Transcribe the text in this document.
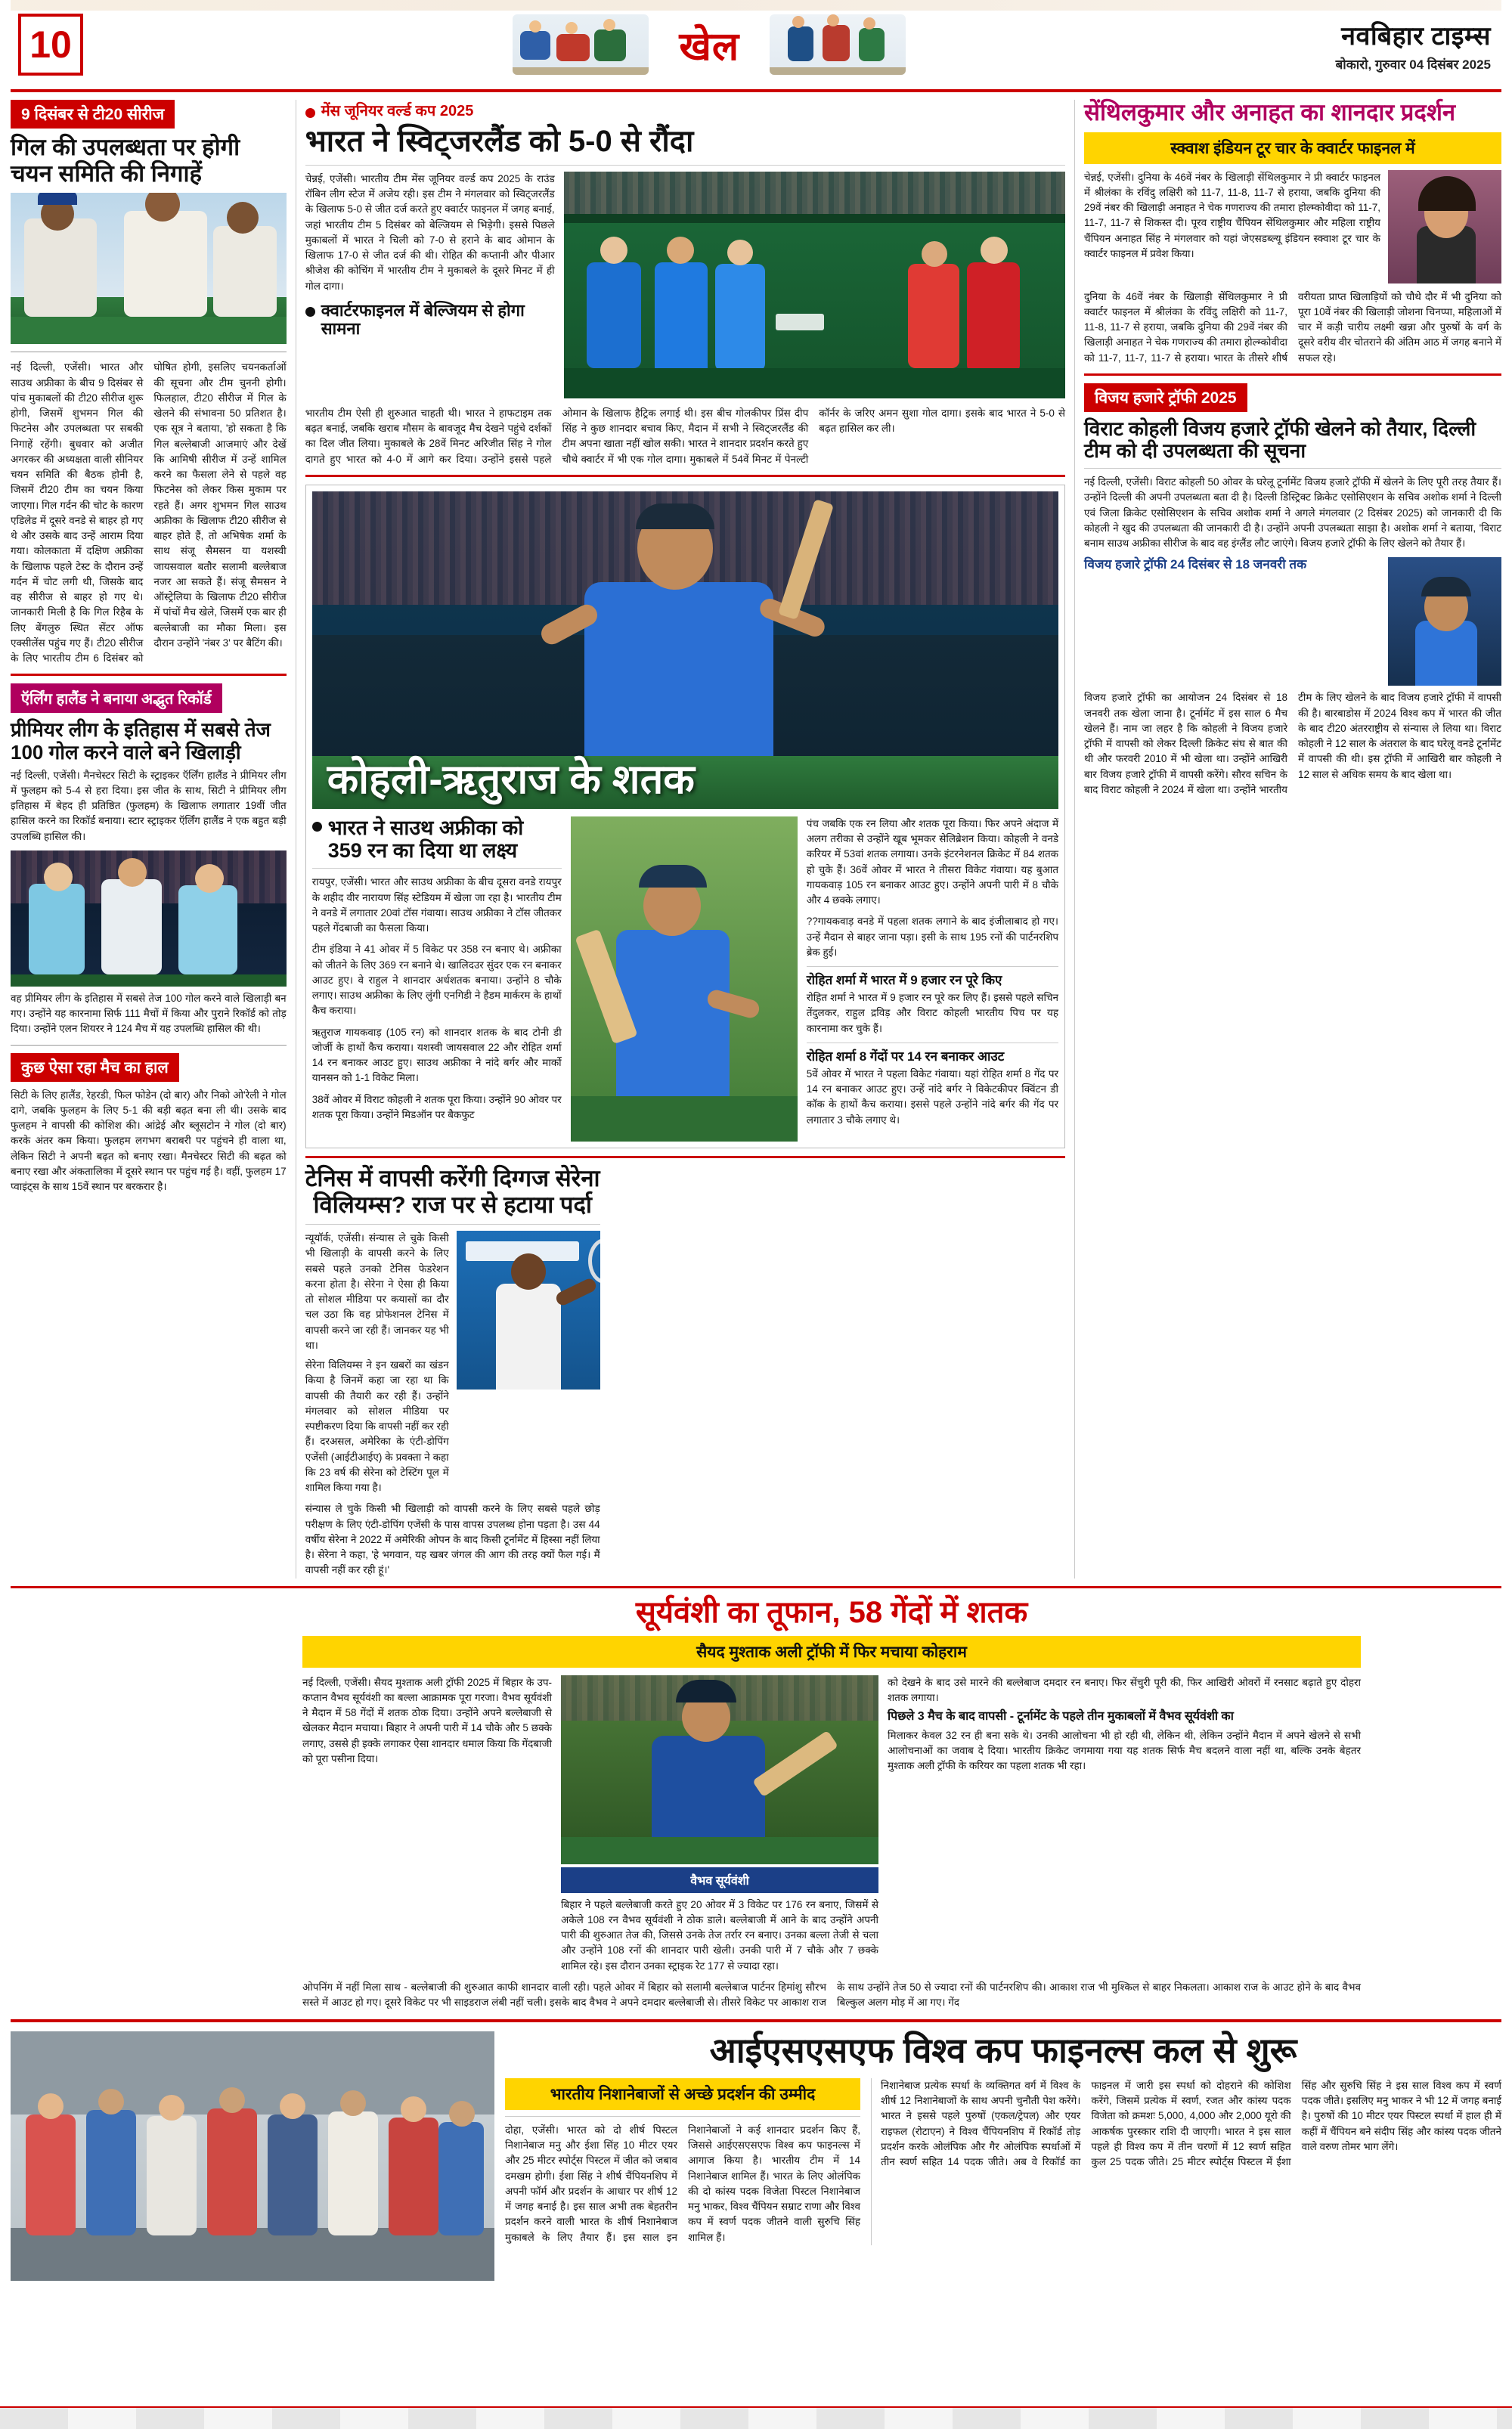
10	खेल	नवबिहार टाइम्स
बोकारो, गुरुवार 04 दिसंबर 2025
9 दिसंबर से टी20 सीरीज
गिल की उपलब्धता पर होगी चयन समिति की निगाहें
नई दिल्ली, एजेंसी। भारत और साउथ अफ्रीका के बीच 9 दिसंबर से पांच मुकाबलों की टी20 सीरीज शुरू होगी, जिसमें शुभमन गिल की फिटनेस और उपलब्धता पर सबकी निगाहें रहेंगी। बुधवार को अजीत अगरकर की अध्यक्षता वाली सीनियर चयन समिति की बैठक होनी है, जिसमें टी20 टीम का चयन किया जाएगा। गिल गर्दन की चोट के कारण एडिलेड में दूसरे वनडे से बाहर हो गए थे और उसके बाद उन्हें आराम दिया गया। कोलकाता में दक्षिण अफ्रीका के खिलाफ पहले टेस्ट के दौरान उन्हें गर्दन में चोट लगी थी, जिसके बाद वह सीरीज से बाहर हो गए थे। जानकारी मिली है कि गिल रिहैब के लिए बेंगलुरु स्थित सेंटर ऑफ एक्सीलेंस पहुंच गए हैं। टी20 सीरीज के लिए भारतीय टीम 6 दिसंबर को घोषित होगी, इसलिए चयनकर्ताओं की सूचना और टीम चुननी होगी। फिलहाल, टी20 सीरीज में गिल के खेलने की संभावना 50 प्रतिशत है। एक सूत्र ने बताया, 'हो सकता है कि गिल बल्लेबाजी आजमाएं और देखें कि आमिषी सीरीज में उन्हें शामिल करने का फैसला लेने से पहले वह फिटनेस को लेकर किस मुकाम पर रहते हैं। अगर शुभमन गिल साउथ अफ्रीका के खिलाफ टी20 सीरीज से बाहर होते हैं, तो अभिषेक शर्मा के साथ संजू सैमसन या यशस्वी जायसवाल बतौर सलामी बल्लेबाज नजर आ सकते हैं। संजू सैमसन ने ऑस्ट्रेलिया के खिलाफ टी20 सीरीज में पांचों मैच खेले, जिसमें एक बार ही बल्लेबाजी का मौका मिला। इस दौरान उन्होंने 'नंबर 3' पर बैटिंग की।
ऍर्लिंग हालैंड ने बनाया अद्भुत रिकॉर्ड
प्रीमियर लीग के इतिहास में सबसे तेज 100 गोल करने वाले बने खिलाड़ी
नई दिल्ली, एजेंसी। मैनचेस्टर सिटी के स्ट्राइकर ऍर्लिंग हालैंड ने प्रीमियर लीग में फुलहम को 5-4 से हरा दिया। इस जीत के साथ, सिटी ने प्रीमियर लीग इतिहास में बेहद ही प्रतिष्ठित (फुलहम) के खिलाफ लगातार 19वीं जीत हासिल करने का रिकॉर्ड बनाया। स्टार स्ट्राइकर ऍर्लिंग हालैंड ने एक बहुत बड़ी उपलब्धि हासिल की।
वह प्रीमियर लीग के इतिहास में सबसे तेज 100 गोल करने वाले खिलाड़ी बन गए। उन्होंने यह कारनामा सिर्फ 111 मैचों में किया और पुराने रिकॉर्ड को तोड़ दिया। उन्होंने एलन शियरर ने 124 मैच में यह उपलब्धि हासिल की थी।
कुछ ऐसा रहा मैच का हाल
सिटी के लिए हालैंड, रेहरडी, फिल फोडेन (दो बार) और निको ओ'रेली ने गोल दागे, जबकि फुलहम के लिए 5-1 की बड़ी बढ़त बना ली थी। उसके बाद फुलहम ने वापसी की कोशिश की। आंद्रेई और ब्लूसटोन ने गोल (दो बार) करके अंतर कम किया। फुलहम लगभग बराबरी पर पहुंचने ही वाला था, लेकिन सिटी ने अपनी बढ़त को बनाए रखा। मैनचेस्टर सिटी की बढ़त को बनाए रखा और अंकतालिका में दूसरे स्थान पर पहुंच गई है। वहीं, फुलहम 17 प्वाइंट्स के साथ 15वें स्थान पर बरकरार है।
मेंस जूनियर वर्ल्ड कप 2025
भारत ने स्विट्जरलैंड को 5-0 से रौंदा
चेन्नई, एजेंसी। भारतीय टीम मेंस जूनियर वर्ल्ड कप 2025 के राउंड रॉबिन लीग स्टेज में अजेय रही। इस टीम ने मंगलवार को स्विट्जरलैंड के खिलाफ 5-0 से जीत दर्ज करते हुए क्वार्टर फाइनल में जगह बनाई, जहां भारतीय टीम 5 दिसंबर को बेल्जियम से भिड़ेगी। इससे पिछले मुकाबलों में भारत ने चिली को 7-0 से हराने के बाद ओमान के खिलाफ 17-0 से जीत दर्ज की थी। रोहित की कप्तानी और पीआर श्रीजेश की कोचिंग में भारतीय टीम ने मुकाबले के दूसरे मिनट में ही गोल दागा।
क्वार्टरफाइनल में बेल्जियम से होगा सामना
भारतीय टीम ऐसी ही शुरुआत चाहती थी। भारत ने हाफटाइम तक बढ़त बनाई, जबकि खराब मौसम के बावजूद मैच देखने पहुंचे दर्शकों का दिल जीत लिया। मुकाबले के 28वें मिनट अरिजीत सिंह ने गोल दागते हुए भारत को 4-0 में आगे कर दिया। उन्होंने इससे पहले ओमान के खिलाफ हैट्रिक लगाई थी। इस बीच गोलकीपर प्रिंस दीप सिंह ने कुछ शानदार बचाव किए, मैदान में सभी ने स्विट्जरलैंड की टीम अपना खाता नहीं खोल सकी। भारत ने शानदार प्रदर्शन करते हुए चौथे क्वार्टर में भी एक गोल दागा। मुकाबले में 54वें मिनट में पेनल्टी कॉर्नर के जरिए अमन सुशा गोल दागा। इसके बाद भारत ने 5-0 से बढ़त हासिल कर ली।
कोहली-ऋतुराज के शतक
भारत ने साउथ अफ्रीका को 359 रन का दिया था लक्ष्य
रायपुर, एजेंसी। भारत और साउथ अफ्रीका के बीच दूसरा वनडे रायपुर के शहीद वीर नारायण सिंह स्टेडियम में खेला जा रहा है। भारतीय टीम ने वनडे में लगातार 20वां टॉस गंवाया। साउथ अफ्रीका ने टॉस जीतकर पहले गेंदबाजी का फैसला किया।
टीम इंडिया ने 41 ओवर में 5 विकेट पर 358 रन बनाए थे। अफ्रीका को जीतने के लिए 369 रन बनाने थे। खालिदउर सुंदर एक रन बनाकर आउट हुए। वे राहुल ने शानदार अर्धशतक बनाया। उन्होंने 8 चौके लगाए। साउथ अफ्रीका के लिए लुंगी एनगिडी ने हैडम मार्करम के हाथों कैच कराया।
ऋतुराज गायकवाड़ (105 रन) को शानदार शतक के बाद टोनी डी जोर्जी के हाथों कैच कराया। यशस्वी जायसवाल 22 और रोहित शर्मा 14 रन बनाकर आउट हुए। साउथ अफ्रीका ने नांदे बर्गर और मार्को यानसन को 1-1 विकेट मिला।
38वें ओवर में विराट कोहली ने शतक पूरा किया। उन्होंने 90 ओवर पर शतक पूरा किया। उन्होंने मिडऑन पर बैकफुट
पंच जबकि एक रन लिया और शतक पूरा किया। फिर अपने अंदाज में अलग तरीका से उन्होंने खूब भूमकर सेलिब्रेशन किया। कोहली ने वनडे करियर में 53वां शतक लगाया। उनके इंटरनेशनल क्रिकेट में 84 शतक हो चुके हैं। 36वें ओवर में भारत ने तीसरा विकेट गंवाया। यह बुआत गायकवाड़ 105 रन बनाकर आउट हुए। उन्होंने अपनी पारी में 8 चौके और 4 छक्के लगाए।
??गायकवाड़ वनडे में पहला शतक लगाने के बाद इंजीलाबाद हो गए। उन्हें मैदान से बाहर जाना पड़ा। इसी के साथ 195 रनों की पार्टनरशिप ब्रेक हुई।
रोहित शर्मा में भारत में 9 हजार रन पूरे किए
रोहित शर्मा ने भारत में 9 हजार रन पूरे कर लिए हैं। इससे पहले सचिन तेंदुलकर, राहुल द्रविड़ और विराट कोहली भारतीय पिच पर यह कारनामा कर चुके हैं।
रोहित शर्मा 8 गेंदों पर 14 रन बनाकर आउट
5वें ओवर में भारत ने पहला विकेट गंवाया। यहां रोहित शर्मा 8 गेंद पर 14 रन बनाकर आउट हुए। उन्हें नांदे बर्गर ने विकेटकीपर क्विंटन डी कॉक के हाथों कैच कराया। इससे पहले उन्होंने नांदे बर्गर की गेंद पर लगातार 3 चौके लगाए थे।
टेनिस में वापसी करेंगी दिग्गज सेरेना विलियम्स? राज पर से हटाया पर्दा
न्यूयॉर्क, एजेंसी। संन्यास ले चुके किसी भी खिलाड़ी के वापसी करने के लिए सबसे पहले उनको टेनिस फेडरेशन करना होता है। सेरेना ने ऐसा ही किया तो सोशल मीडिया पर कयासों का दौर चल उठा कि वह प्रोफेशनल टेनिस में वापसी करने जा रही हैं। जानकर यह भी था।
सेरेना विलियम्स ने इन खबरों का खंडन किया है जिनमें कहा जा रहा था कि वापसी की तैयारी कर रही हैं। उन्होंने मंगलवार को सोशल मीडिया पर स्पष्टीकरण दिया कि वापसी नहीं कर रही हैं। दरअसल, अमेरिका के एंटी-डोपिंग एजेंसी (आईटीआईए) के प्रवक्ता ने कहा कि 23 वर्ष की सेरेना को टेस्टिंग पूल में शामिल किया गया है।
संन्यास ले चुके किसी भी खिलाड़ी को वापसी करने के लिए सबसे पहले छोड़ परीक्षण के लिए एंटी-डोपिंग एजेंसी के पास वापस उपलब्ध होना पड़ता है। उस 44 वर्षीय सेरेना ने 2022 में अमेरिकी ओपन के बाद किसी टूर्नामेंट में हिस्सा नहीं लिया है। सेरेना ने कहा, 'हे भगवान, यह खबर जंगल की आग की तरह क्यों फैल गई। मैं वापसी नहीं कर रही हूं।'
सेंथिलकुमार और अनाहत का शानदार प्रदर्शन
स्क्वाश इंडियन टूर चार के क्वार्टर फाइनल में
चेन्नई, एजेंसी। दुनिया के 46वें नंबर के खिलाड़ी सेंथिलकुमार ने प्री क्वार्टर फाइनल में श्रीलंका के रविंदु लक्षिरी को 11-7, 11-8, 11-7 से हराया, जबकि दुनिया की 29वें नंबर की खिलाड़ी अनाहत ने चेक गणराज्य की तमारा होल्म्कोवीदा को 11-7, 11-7, 11-7 से शिकस्त दी। पूरव राष्ट्रीय चैंपियन सेंथिलकुमार और महिला राष्ट्रीय चैंपियन अनाहत सिंह ने मंगलवार को यहां जेएसडब्ल्यू इंडियन स्क्वाश टूर चार के क्वार्टर फाइनल में प्रवेश किया।
दुनिया के 46वें नंबर के खिलाड़ी सेंथिलकुमार ने प्री क्वार्टर फाइनल में श्रीलंका के रविंदु लक्षिरी को 11-7, 11-8, 11-7 से हराया, जबकि दुनिया की 29वें नंबर की खिलाड़ी अनाहत ने चेक गणराज्य की तमारा होल्म्कोवीदा को 11-7, 11-7, 11-7 से हराया। भारत के तीसरे शीर्ष वरीयता प्राप्त खिलाड़ियों को चौथे दौर में भी दुनिया को पूरा 10वें नंबर की खिलाड़ी जोशना चिनप्पा, महिलाओं में चार में कड़ी चारीय लक्ष्मी खन्ना और पुरुषों के वर्ग के दूसरे वरीय वीर चोतराने की अंतिम आठ में जगह बनाने में सफल रहे।
विजय हजारे ट्रॉफी 2025
विराट कोहली विजय हजारे ट्रॉफी खेलने को तैयार, दिल्ली टीम को दी उपलब्धता की सूचना
नई दिल्ली, एजेंसी। विराट कोहली 50 ओवर के घरेलू टूर्नामेंट विजय हजारे ट्रॉफी में खेलने के लिए पूरी तरह तैयार हैं। उन्होंने दिल्ली की अपनी उपलब्धता बता दी है। दिल्ली डिस्ट्रिक्ट क्रिकेट एसोसिएशन के सचिव अशोक शर्मा ने दिल्ली एवं जिला क्रिकेट एसोसिएशन के सचिव अशोक शर्मा ने अगले मंगलवार (2 दिसंबर 2025) को जानकारी दी कि कोहली ने खुद की उपलब्धता की जानकारी दी है। उन्होंने अपनी उपलब्धता साझा है। अशोक शर्मा ने बताया, 'विराट बनाम साउथ अफ्रीका सीरीज के बाद वह इंग्लैंड लौट जाएंगे। विजय हजारे ट्रॉफी के लिए खेलने को तैयार हैं।
विजय हजारे ट्रॉफी 24 दिसंबर से 18 जनवरी तक
विजय हजारे ट्रॉफी का आयोजन 24 दिसंबर से 18 जनवरी तक खेला जाना है। टूर्नामेंट में इस साल 6 मैच खेलने हैं। नाम जा लहर है कि कोहली ने विजय हजारे ट्रॉफी में वापसी को लेकर दिल्ली क्रिकेट संघ से बात की थी और फरवरी 2010 में भी खेला था। उन्होंने आखिरी बार विजय हजारे ट्रॉफी में वापसी करेंगे। सौरव सचिन के बाद विराट कोहली ने 2024 में खेला था। उन्होंने भारतीय टीम के लिए खेलने के बाद विजय हजारे ट्रॉफी में वापसी की है। बारबाडोस में 2024 विश्व कप में भारत की जीत के बाद टी20 अंतरराष्ट्रीय से संन्यास ले लिया था। विराट कोहली ने 12 साल के अंतराल के बाद घरेलू वनडे टूर्नामेंट में वापसी की थी। इस ट्रॉफी में आखिरी बार कोहली ने 12 साल से अधिक समय के बाद खेला था।
सूर्यवंशी का तूफान, 58 गेंदों में शतक
सैयद मुश्ताक अली ट्रॉफी में फिर मचाया कोहराम
नई दिल्ली, एजेंसी। सैयद मुश्ताक अली ट्रॉफी 2025 में बिहार के उप-कप्तान वैभव सूर्यवंशी का बल्ला आक्रामक पूरा गरजा। वैभव सूर्यवंशी ने मैदान में 58 गेंदों में शतक ठोक दिया। उन्होंने अपने बल्लेबाजी से खेलकर मैदान मचाया। बिहार ने अपनी पारी में 14 चौके और 5 छक्के लगाए, उससे ही इक्के लगाकर ऐसा शानदार धमाल किया कि गेंदबाजी को पूरा पसीना दिया।
वैभव सूर्यवंशी
बिहार ने पहले बल्लेबाजी करते हुए 20 ओवर में 3 विकेट पर 176 रन बनाए, जिसमें से अकेले 108 रन वैभव सूर्यवंशी ने ठोक डाले। बल्लेबाजी में आने के बाद उन्होंने अपनी पारी की शुरुआत तेज की, जिससे उनके तेज तर्रार रन बनाए। उनका बल्ला तेजी से चला और उन्होंने 108 रनों की शानदार पारी खेली। उनकी पारी में 7 चौके और 7 छक्के शामिल रहे। इस दौरान उनका स्ट्राइक रेट 177 से ज्यादा रहा।
को देखने के बाद उसे मारने की बल्लेबाज दमदार रन बनाए। फिर सेंचुरी पूरी की, फिर आखिरी ओवरों में रनसाट बढ़ाते हुए दोहरा शतक लगाया।
पिछले 3 मैच के बाद वापसी - टूर्नामेंट के पहले तीन मुकाबलों में वैभव सूर्यवंशी का
मिलाकर केवल 32 रन ही बना सके थे। उनकी आलोचना भी हो रही थी, लेकिन थी, लेकिन उन्होंने मैदान में अपने खेलने से सभी आलोचनाओं का जवाब दे दिया। भारतीय क्रिकेट जगमाया गया यह शतक सिर्फ मैच बदलने वाला नहीं था, बल्कि उनके बेहतर मुश्ताक अली ट्रॉफी के करियर का पहला शतक भी रहा।
ओपनिंग में नहीं मिला साथ - बल्लेबाजी की शुरुआत काफी शानदार वाली रही। पहले ओवर में बिहार को सलामी बल्लेबाज पार्टनर हिमांशु सौरभ सस्ते में आउट हो गए। दूसरे विकेट पर भी साइडराज लंबी नहीं चली। इसके बाद वैभव ने अपने दमदार बल्लेबाजी से। तीसरे विकेट पर आकाश राज के साथ उन्होंने तेज 50 से ज्यादा रनों की पार्टनरशिप की। आकाश राज भी मुश्किल से बाहर निकलता। आकाश राज के आउट होने के बाद वैभव बिल्कुल अलग मोड़ में आ गए। गेंद
आईएसएसएफ विश्व कप फाइनल्स कल से शुरू
भारतीय निशानेबाजों से अच्छे प्रदर्शन की उम्मीद
दोहा, एजेंसी। भारत को दो शीर्ष पिस्टल निशानेबाज मनु और ईशा सिंह 10 मीटर एयर और 25 मीटर स्पोर्ट्स पिस्टल में जीत को जबाव दमखम होगी। ईशा सिंह ने शीर्ष चैंपियनशिप में अपनी फॉर्म और प्रदर्शन के आधार पर शीर्ष 12 में जगह बनाई है। इस साल अभी तक बेहतरीन प्रदर्शन करने वाली भारत के शीर्ष निशानेबाज मुकाबले के लिए तैयार हैं। इस साल इन निशानेबाजों ने कई शानदार प्रदर्शन किए हैं, जिससे आईएसएसएफ विश्व कप फाइनल्स में आगाज किया है। भारतीय टीम में 14 निशानेबाज शामिल हैं। भारत के लिए ओलंपिक की दो कांस्य पदक विजेता पिस्टल निशानेबाज मनु भाकर, विश्व चैंपियन सम्राट राणा और विश्व कप में स्वर्ण पदक जीतने वाली सुरुचि सिंह शामिल हैं।
निशानेबाज प्रत्येक स्पर्धा के व्यक्तिगत वर्ग में विश्व के शीर्ष 12 निशानेबाजों के साथ अपनी चुनौती पेश करेंगे। भारत ने इससे पहले पुरुषों (एकल/ट्रेपल) और एयर राइफल (रोटाएन) ने विश्व चैंपियनशिप में रिकॉर्ड तोड़ प्रदर्शन करके ओलंपिक और गैर ओलंपिक स्पर्धाओं में तीन स्वर्ण सहित 14 पदक जीते। अब वे रिकॉर्ड का फाइनल में जारी इस स्पर्धा को दोहराने की कोशिश करेंगे, जिसमें प्रत्येक में स्वर्ण, रजत और कांस्य पदक विजेता को क्रमशः 5,000, 4,000 और 2,000 यूरो की आकर्षक पुरस्कार राशि दी जाएगी। भारत ने इस साल पहले ही विश्व कप में तीन चरणों में 12 स्वर्ण सहित कुल 25 पदक जीते। 25 मीटर स्पोर्ट्स पिस्टल में ईशा सिंह और सुरुचि सिंह ने इस साल विश्व कप में स्वर्ण पदक जीते। इसलिए मनु भाकर ने भी 12 में जगह बनाई है। पुरुषों की 10 मीटर एयर पिस्टल स्पर्धा में हाल ही में कहीं में चैंपियन बने संदीप सिंह और कांस्य पदक जीतने वाले वरुण तोमर भाग लेंगे।
